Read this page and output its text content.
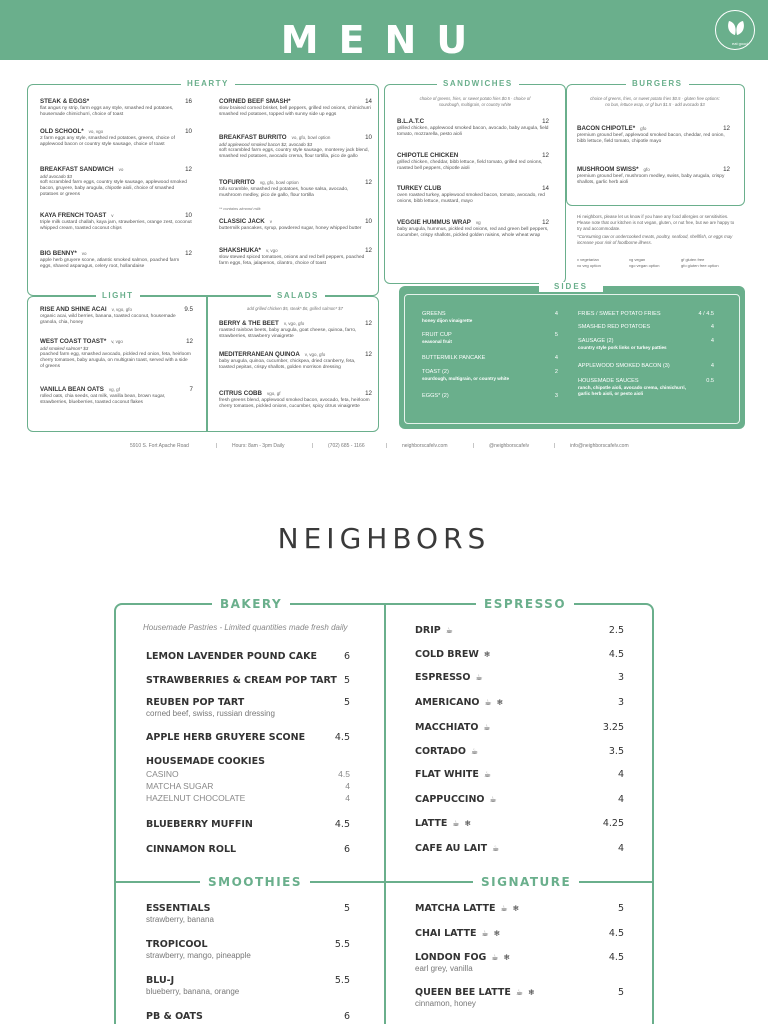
MENU	eat good
HEARTY	SANDWICHES	BURGERS
LIGHT	SALADS
choice of greens, fries, or sweet potato fries $0.5 · choice of sourdough, multigrain, or country white
choice of greens, fries, or sweet potato fries $0.5 · gluten free options: no bun, lettuce wrap, or gf bun $1.5 · add avocado $3
add grilled chicken $5, steak* $6, grilled salmon* $7
STEAK & EGGS*	16
flat angus ny strip, farm eggs any style, smashed red potatoes, housemade chimichurri, choice of toast
OLD SCHOOL* vo, vgo	10
2 farm eggs any style, smashed red potatoes, greens, choice of applewood bacon or country style sausage, choice of toast
BREAKFAST SANDWICH vo	12
add avocado $3
soft scrambled farm eggs, country style sausage, applewood smoked bacon, gruyere, baby arugula, chipotle aioli, choice of smashed potatoes or greens
KAYA FRENCH TOAST v	10
triple milk custard challah, kaya jam, strawberries, orange zest, coconut whipped cream, toasted coconut chips
BIG BENNY* vo	12
apple herb gruyere scone, atlantic smoked salmon, poached farm eggs, shaved asparagus, celery root, hollandaise
CORNED BEEF SMASH*	14
slow braised corned brisket, bell peppers, grilled red onions, chimichurri smashed red potatoes, topped with sunny side up eggs
BREAKFAST BURRITO vo, gfo, bowl option	10
add applewood smoked bacon $2, avocado $3
soft scrambled farm eggs, country style sausage, monterey jack blend, smashed red potatoes, avocado crema, flour tortilla, pico de gallo
TOFURRITO vg, gfo, bowl option	12
tofu scramble, smashed red potatoes, house salsa, avocado, mushroom medley, pico de gallo, flour tortilla
CLASSIC JACK v	10
buttermilk pancakes, syrup, powdered sugar, honey whipped butter
SHAKSHUKA* v, vgo	12
slow stewed spiced tomatoes, onions and red bell peppers, poached farm eggs, feta, jalapenos, cilantro, choice of toast
** contains almond milk
B.L.A.T.C	12
grilled chicken, applewood smoked bacon, avocado, baby arugula, field tomato, mozzarella, pesto aioli
CHIPOTLE CHICKEN	12
grilled chicken, cheddar, bibb lettuce, field tomato, grilled red onions, roasted bell peppers, chipotle aioli
TURKEY CLUB	14
oven roasted turkey, applewood smoked bacon, tomato, avocado, red onions, bibb lettuce, mustard, mayo
VEGGIE HUMMUS WRAP vg	12
baby arugula, hummus, pickled red onions, red and green bell peppers, cucumber, crispy shallots, pickled golden raisins, whole wheat wrap
BACON CHIPOTLE* gfo	12
premium ground beef, applewood smoked bacon, cheddar, red onion, bibb lettuce, field tomato, chipotle mayo
MUSHROOM SWISS* gfo	12
premium ground beef, mushroom medley, swiss, baby arugula, crispy shallots, garlic herb aioli
Hi neighbors, please let us know if you have any food allergies or sensitivities. Please note that our kitchen is not vegan, gluten, or nut free, but we are happy to try and accommodate.
*Consuming raw or undercooked meats, poultry, seafood, shellfish, or eggs may increase your risk of foodborne illness.
v vegetarian	vg vegan	gf gluten free
vo veg option	vgo vegan option	gfo gluten free option
RISE AND SHINE ACAI v, vgo, gfo	9.5
organic acai, wild berries, banana, toasted coconut, housemade granola, chia, honey
WEST COAST TOAST* v, vgo	12
add smoked salmon* $3
poached farm egg, smashed avocado, pickled red onion, feta, heirloom cherry tomatoes, baby arugula, on multigrain toast, served with a side of greens
VANILLA BEAN OATS vg, gf	7
rolled oats, chia seeds, oat milk, vanilla bean, brown sugar, strawberries, blueberries, toasted coconut flakes
BERRY & THE BEET v, vgo, gfo	12
roasted rainbow beets, baby arugula, goat cheese, quinoa, farro, strawberries, strawberry vinaigrette
MEDITERRANEAN QUINOA v, vgo, gfo	12
baby arugula, quinoa, cucumber, chickpea, dried cranberry, feta, toasted pepitas, crispy shallots, golden morrison dressing
CITRUS COBB vgo, gf	12
fresh greens blend, applewood smoked bacon, avocado, feta, heirloom cherry tomatoes, pickled onions, cucumber, spicy citrus vinaigrette
SIDES
GREENS	4
honey dijon vinaigrette
FRUIT CUP	5
seasonal fruit
BUTTERMILK PANCAKE	4
TOAST (2)	2
sourdough, multigrain, or country white
EGGS* (2)	3
FRIES / SWEET POTATO FRIES	4 / 4.5
SMASHED RED POTATOES	4
SAUSAGE (2)	4
country style pork links or turkey patties
APPLEWOOD SMOKED BACON (3)	4
HOUSEMADE SAUCES	0.5
ranch, chipotle aioli, avocado crema, chimichurri,
garlic herb aioli, or pesto aioli
5910 S. Fort Apache Road	|	Hours: 8am - 3pm Daily	|	(702) 685 - 1166	|	neighborscafelv.com	|	@neighborscafelv	|	info@neighborscafelv.com
NEIGHBORS
BAKERY	ESPRESSO
SMOOTHIES	SIGNATURE
Housemade Pastries - Limited quantities made fresh daily
LEMON LAVENDER POUND CAKE	6
STRAWBERRIES & CREAM POP TART 5
REUBEN POP TART	5
corned beef, swiss, russian dressing
APPLE HERB GRUYERE SCONE	4.5
HOUSEMADE COOKIES
CASINO	4.5
MATCHA SUGAR	4
HAZELNUT CHOCOLATE	4
BLUEBERRY MUFFIN	4.5
CINNAMON ROLL	6
DRIP ☕	2.5
COLD BREW ❄	4.5
ESPRESSO ☕	3
AMERICANO ☕ ❄	3
MACCHIATO ☕	3.25
CORTADO ☕	3.5
FLAT WHITE ☕	4
CAPPUCCINO ☕	4
LATTE ☕ ❄	4.25
CAFE AU LAIT ☕	4
ESSENTIALS	5
strawberry, banana
TROPICOOL	5.5
strawberry, mango, pineapple
BLU-J	5.5
blueberry, banana, orange
PB & OATS	6
MATCHA LATTE ☕ ❄	5
CHAI LATTE ☕ ❄	4.5
LONDON FOG ☕ ❄	4.5
earl grey, vanilla
QUEEN BEE LATTE ☕ ❄	5
cinnamon, honey
